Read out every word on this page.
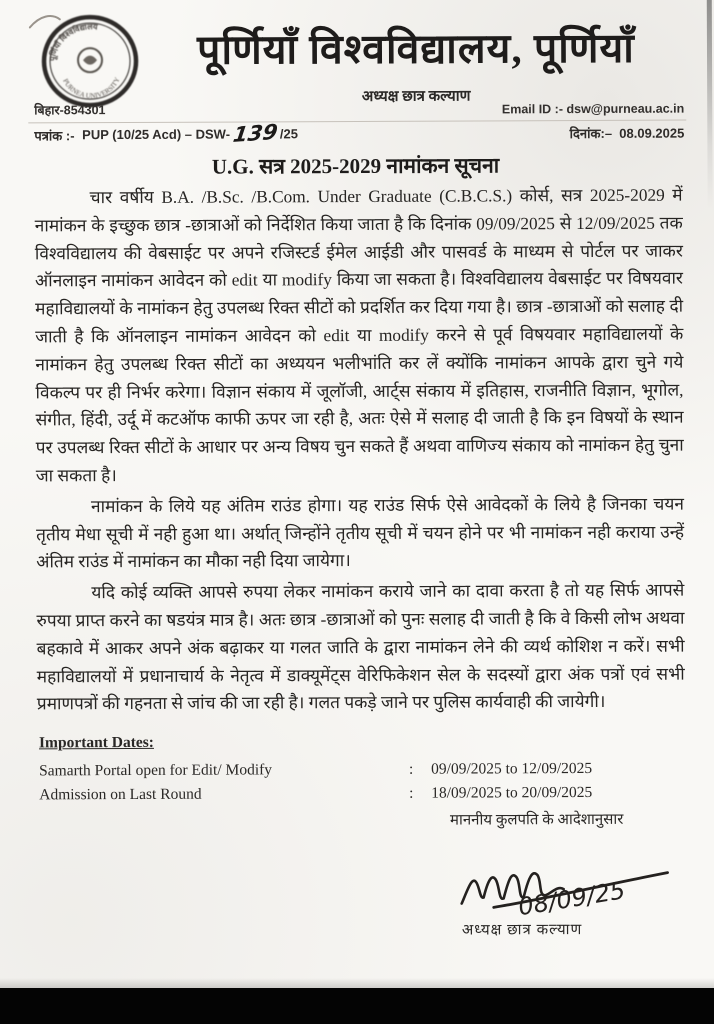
पूर्णियाँ विश्वविद्यालय
PURNEA UNIVERSITY
पूर्णियाँ विश्वविद्यालय, पूर्णियाँ
अध्यक्ष छात्र कल्याण
बिहार-854301	Email ID :- dsw@purneau.ac.in
पत्रांक :-
PUP (10/25 Acd) – DSW- 139 /25	दिनांक:– 08.09.2025
U.G. सत्र 2025-2029 नामांकन सूचना

चार वर्षीय B.A. /B.Sc. /B.Com. Under Graduate (C.B.C.S.) कोर्स, सत्र 2025-2029 में नामांकन के इच्छुक छात्र -छात्राओं को निर्देशित किया जाता है कि दिनांक 09/09/2025 से 12/09/2025 तक विश्वविद्यालय की वेबसाईट पर अपने रजिस्टर्ड ईमेल आईडी और पासवर्ड के माध्यम से पोर्टल पर जाकर ऑनलाइन नामांकन आवेदन को edit या modify किया जा सकता है। विश्वविद्यालय वेबसाईट पर विषयवार महाविद्यालयों के नामांकन हेतु उपलब्ध रिक्त सीटों को प्रदर्शित कर दिया गया है। छात्र -छात्राओं को सलाह दी जाती है कि ऑनलाइन नामांकन आवेदन को edit या modify करने से पूर्व विषयवार महाविद्यालयों के नामांकन हेतु उपलब्ध रिक्त सीटों का अध्ययन भलीभांति कर लें क्योंकि नामांकन आपके द्वारा चुने गये विकल्प पर ही निर्भर करेगा। विज्ञान संकाय में जूलॉजी, आर्ट्स संकाय में इतिहास, राजनीति विज्ञान, भूगोल, संगीत, हिंदी, उर्दू में कटऑफ काफी ऊपर जा रही है, अतः ऐसे में सलाह दी जाती है कि इन विषयों के स्थान पर उपलब्ध रिक्त सीटों के आधार पर अन्य विषय चुन सकते हैं अथवा वाणिज्य संकाय को नामांकन हेतु चुना जा सकता है।

नामांकन के लिये यह अंतिम राउंड होगा। यह राउंड सिर्फ ऐसे आवेदकों के लिये है जिनका चयन तृतीय मेधा सूची में नही हुआ था। अर्थात् जिन्होंने तृतीय सूची में चयन होने पर भी नामांकन नही कराया उन्हें अंतिम राउंड में नामांकन का मौका नही दिया जायेगा।

यदि कोई व्यक्ति आपसे रुपया लेकर नामांकन कराये जाने का दावा करता है तो यह सिर्फ आपसे रुपया प्राप्त करने का षडयंत्र मात्र है। अतः छात्र -छात्राओं को पुनः सलाह दी जाती है कि वे किसी लोभ अथवा बहकावे में आकर अपने अंक बढ़ाकर या गलत जाति के द्वारा नामांकन लेने की व्यर्थ कोशिश न करें। सभी महाविद्यालयों में प्रधानाचार्य के नेतृत्व में डाक्यूमेंट्स वेरिफिकेशन सेल के सदस्यों द्वारा अंक पत्रों एवं सभी प्रमाणपत्रों की गहनता से जांच की जा रही है। गलत पकड़े जाने पर पुलिस कार्यवाही की जायेगी।

Important Dates:
Samarth Portal open for Edit/ Modify	:	09/09/2025 to 12/09/2025
Admission on Last Round	:	18/09/2025 to 20/09/2025
माननीय कुलपति के आदेशानुसार
08/09/25
अध्यक्ष छात्र कल्याण
